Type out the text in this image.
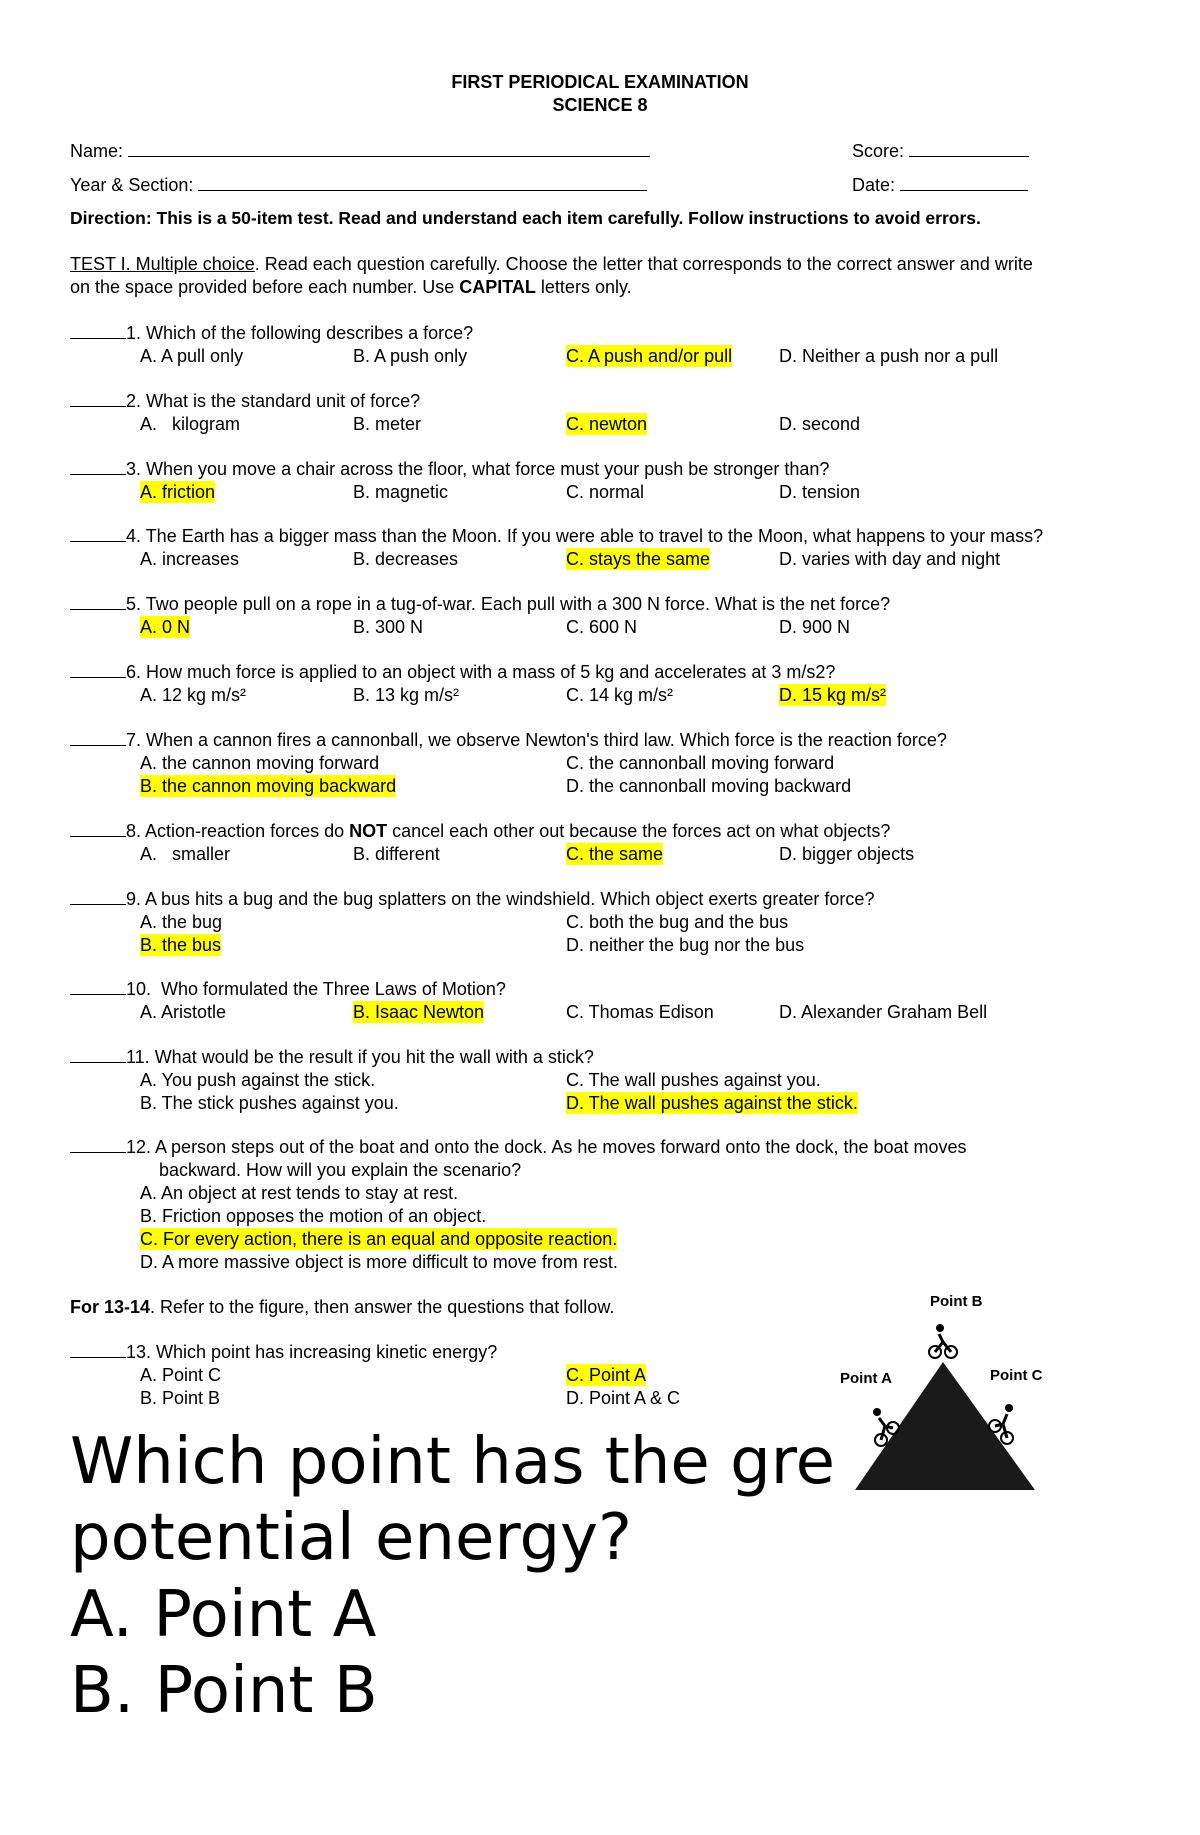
FIRST PERIODICAL EXAMINATION
SCIENCE 8
Name:	Score:
Year & Section:	Date:
Direction: This is a 50-item test. Read and understand each item carefully. Follow instructions to avoid errors.
TEST I. Multiple choice. Read each question carefully. Choose the letter that corresponds to the correct answer and write
on the space provided before each number. Use CAPITAL letters only.
1. Which of the following describes a force?
A. A pull only	B. A push only	C. A push and/or pull	D. Neither a push nor a pull
2. What is the standard unit of force?
A.   kilogram	B. meter	C. newton	D. second
3. When you move a chair across the floor, what force must your push be stronger than?
A. friction	B. magnetic	C. normal	D. tension
4. The Earth has a bigger mass than the Moon. If you were able to travel to the Moon, what happens to your mass?
A. increases	B. decreases	C. stays the same	D. varies with day and night
5. Two people pull on a rope in a tug-of-war. Each pull with a 300 N force. What is the net force?
A. 0 N	B. 300 N	C. 600 N	D. 900 N
6. How much force is applied to an object with a mass of 5 kg and accelerates at 3 m/s2?
A. 12 kg m/s²	B. 13 kg m/s²	C. 14 kg m/s²	D. 15 kg m/s²
7. When a cannon fires a cannonball, we observe Newton's third law. Which force is the reaction force?
A. the cannon moving forward	C. the cannonball moving forward
B. the cannon moving backward	D. the cannonball moving backward
8. Action-reaction forces do NOT cancel each other out because the forces act on what objects?
A.   smaller	B. different	C. the same	D. bigger objects
9. A bus hits a bug and the bug splatters on the windshield. Which object exerts greater force?
A. the bug	C. both the bug and the bus
B. the bus	D. neither the bug nor the bus
10.  Who formulated the Three Laws of Motion?
A. Aristotle	B. Isaac Newton	C. Thomas Edison	D. Alexander Graham Bell
11. What would be the result if you hit the wall with a stick?
A. You push against the stick.	C. The wall pushes against you.
B. The stick pushes against you.	D. The wall pushes against the stick.
12. A person steps out of the boat and onto the dock. As he moves forward onto the dock, the boat moves
backward. How will you explain the scenario?
A. An object at rest tends to stay at rest.
B. Friction opposes the motion of an object.
C. For every action, there is an equal and opposite reaction.
D. A more massive object is more difficult to move from rest.
For 13-14. Refer to the figure, then answer the questions that follow.
13. Which point has increasing kinetic energy?
A. Point C	C. Point A
B. Point B	D. Point A & C
Which point has the gre
potential energy?
A. Point A
B. Point B
Point B
Point A	Point C
